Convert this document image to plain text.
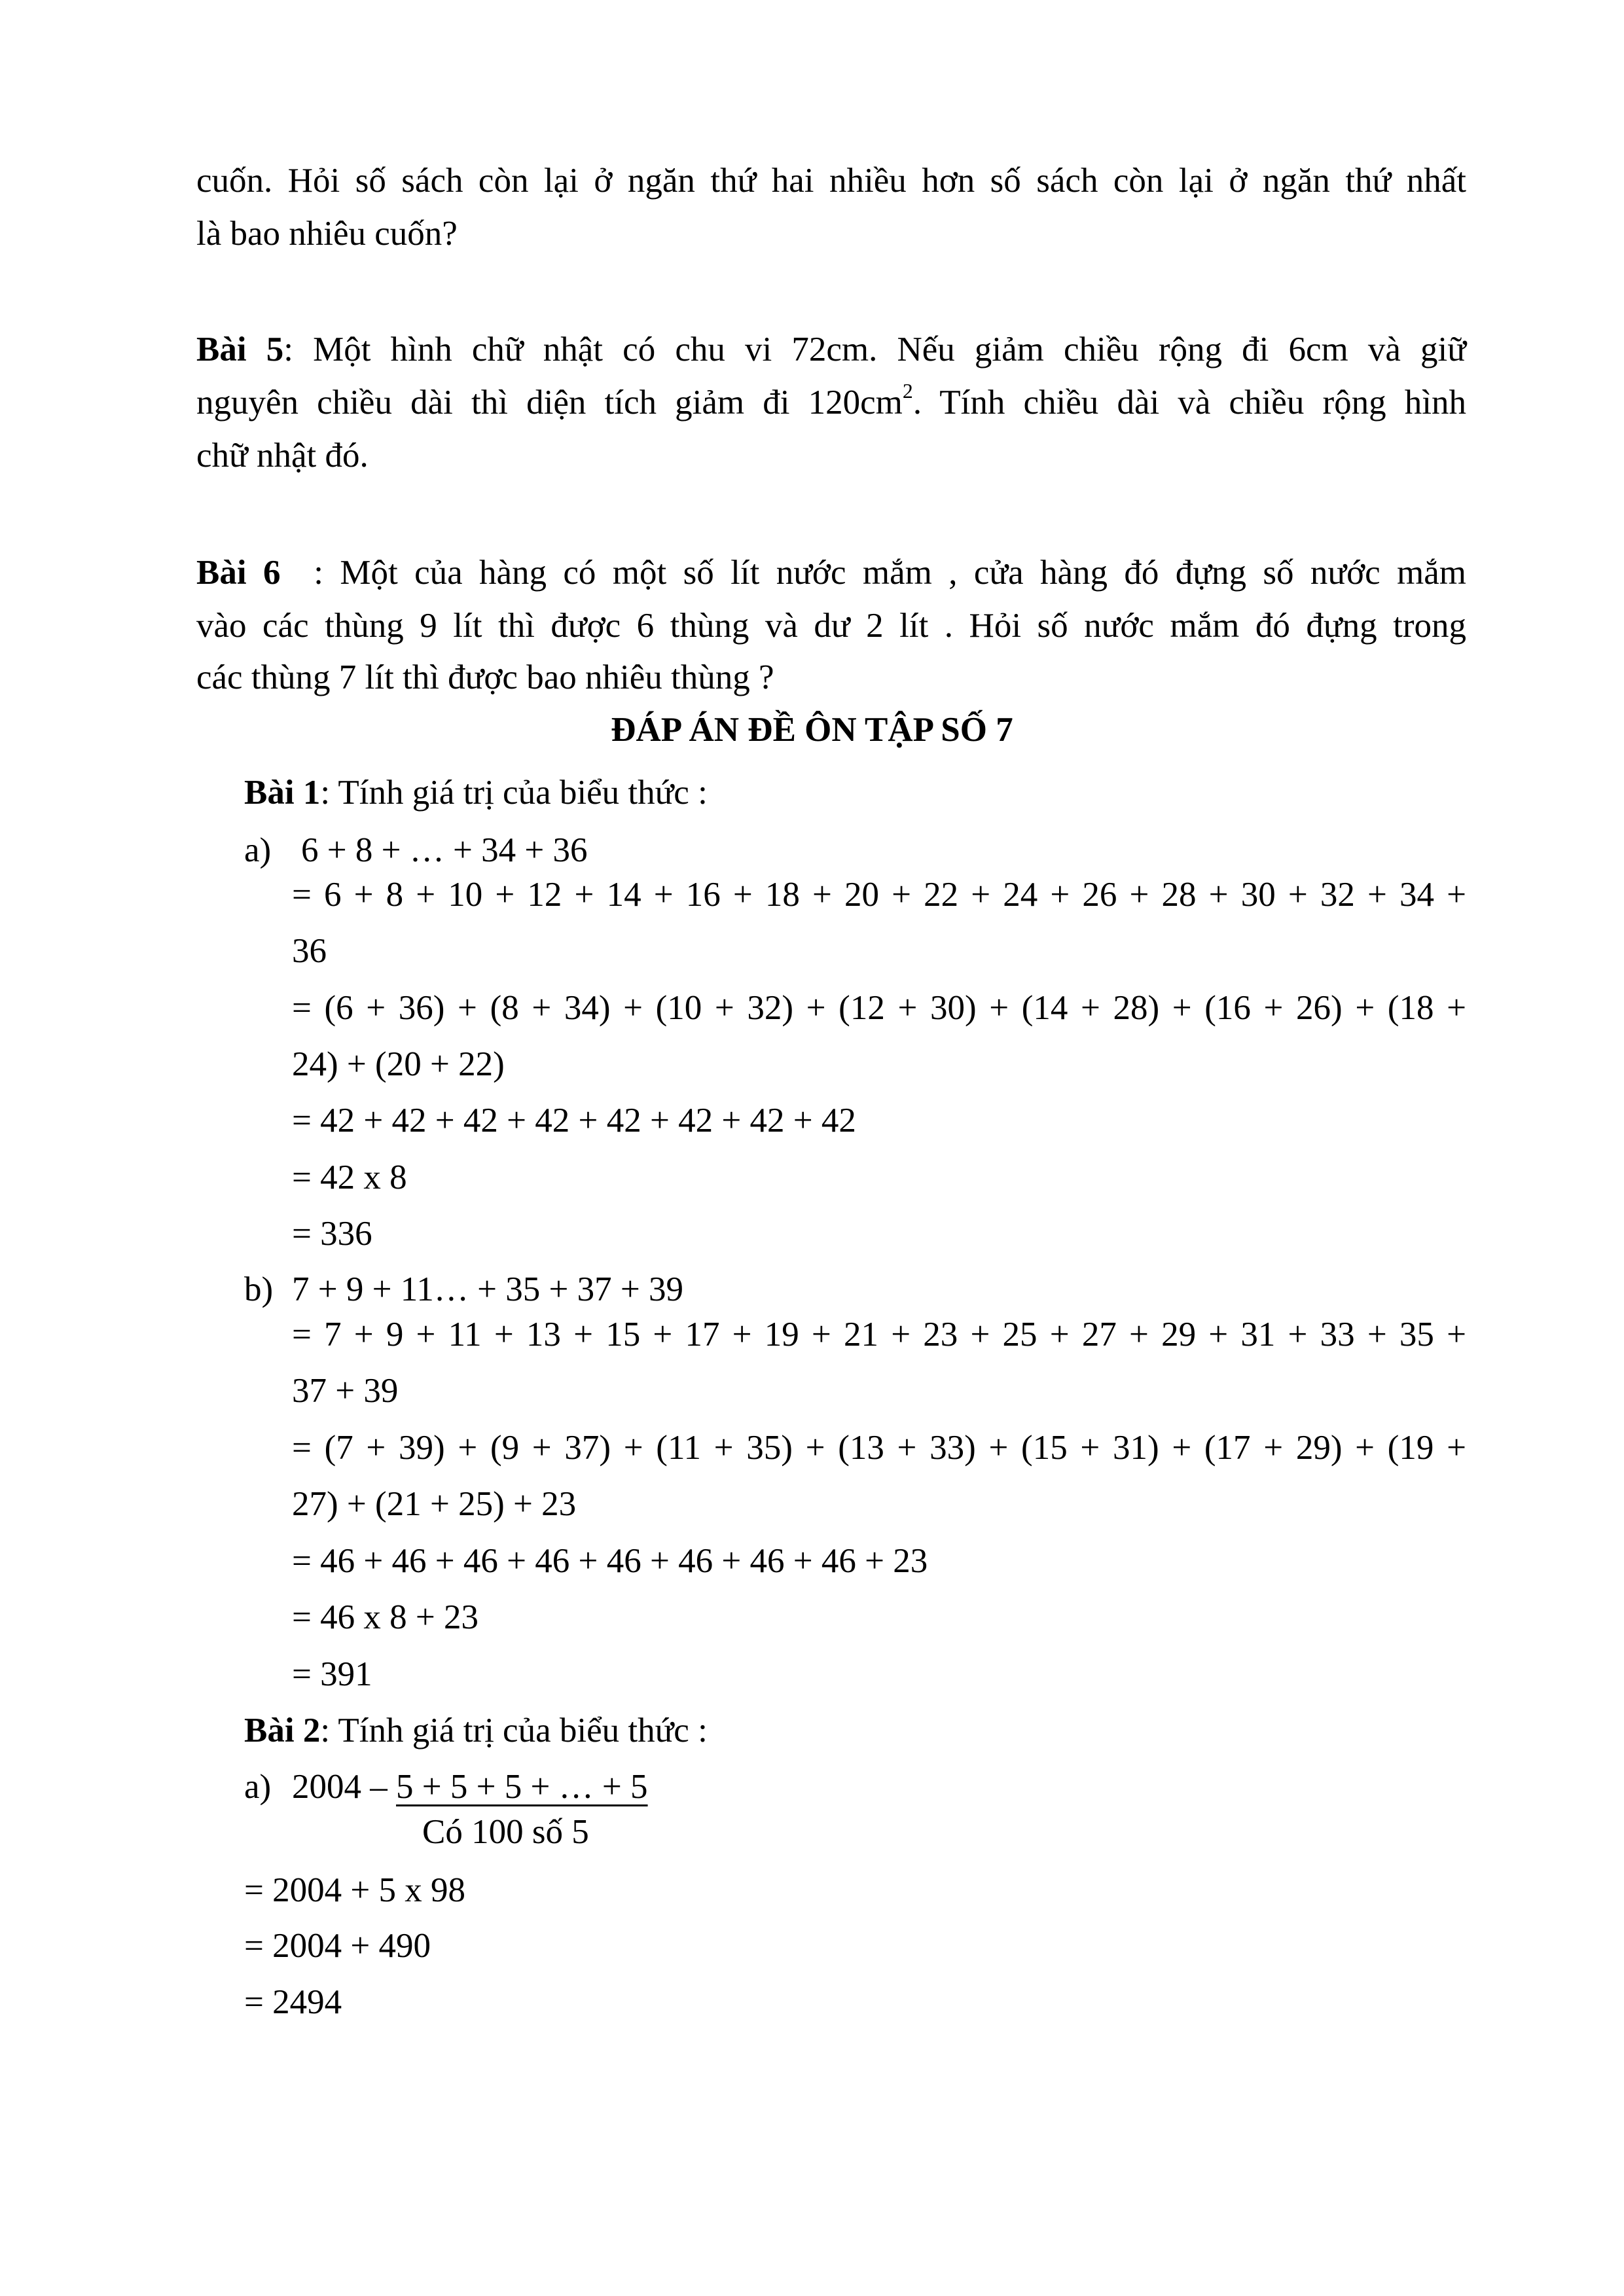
cuốn. Hỏi số sách còn lại ở ngăn thứ hai nhiều hơn số sách còn lại ở ngăn thứ nhất
là bao nhiêu cuốn?
Bài 5: Một hình chữ nhật có chu vi 72cm. Nếu giảm chiều rộng đi 6cm và giữ
nguyên chiều dài thì diện tích giảm đi $120cm^2$. Tính chiều dài và chiều rộng hình
chữ nhật đó.
Bài 6  : Một của hàng có một số lít nước mắm , cửa hàng đó đựng số nước mắm
vào các thùng 9 lít thì được 6 thùng và dư 2 lít . Hỏi số nước mắm đó đựng trong
các thùng 7 lít thì được bao nhiêu thùng ?
ĐÁP ÁN ĐỀ ÔN TẬP SỐ 7
Bài 1: Tính giá trị của biểu thức :
a) 6 + 8 + … + 34 + 36
= 6 + 8 + 10 + 12 + 14 + 16 + 18 + 20 + 22 + 24 + 26 + 28 + 30 + 32 + 34 +
36
= (6 + 36) + (8 + 34) + (10 + 32) + (12 + 30) + (14 + 28) + (16 + 26) + (18 +
24) + (20 + 22)
= 42 + 42 + 42 + 42 + 42 + 42 + 42 + 42
= 42 x 8
= 336
b) 7 + 9 + 11… + 35 + 37 + 39
= 7 + 9 + 11 + 13 + 15 + 17 + 19 + 21 + 23 + 25 + 27 + 29 + 31 + 33 + 35 +
37 + 39
= (7 + 39) + (9 + 37) + (11 + 35) + (13 + 33) + (15 + 31) + (17 + 29) + (19 +
27) + (21 + 25) + 23
= 46 + 46 + 46 + 46 + 46 + 46 + 46 + 46 + 23
= 46 x 8 + 23
= 391
Bài 2: Tính giá trị của biểu thức :
a) 2004 – 5 + 5 + 5 + … + 5
Có 100 số 5
= 2004 + 5 x 98
= 2004 + 490
= 2494
